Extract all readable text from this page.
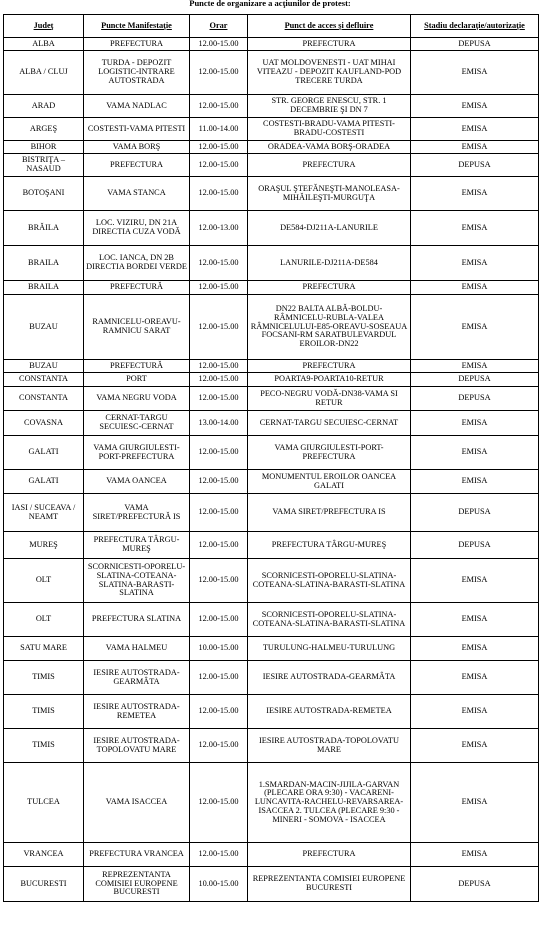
Puncte de organizare a acţiunilor de protest:
Judeţ	Puncte Manifestaţie	Orar	Punct de acces şi defluire	Stadiu declaraţie/autorizaţie
ALBA	PREFECTURA	12.00-15.00	PREFECTURA	DEPUSA
ALBA / CLUJ	TURDA - DEPOZIT LOGISTIC-INTRARE AUTOSTRADA	12.00-15.00	UAT MOLDOVENESTI - UAT MIHAI VITEAZU - DEPOZIT KAUFLAND-POD TRECERE TURDA	EMISA
ARAD	VAMA NADLAC	12.00-15.00	STR. GEORGE ENESCU, STR. 1 DECEMBRIE ŞI DN 7	EMISA
ARGEŞ	COSTESTI-VAMA PITESTI	11.00-14.00	COSTESTI-BRADU-VAMA PITESTI-BRADU-COSTESTI	EMISA
BIHOR	VAMA BORŞ	12.00-15.00	ORADEA-VAMA BORŞ-ORADEA	EMISA
BISTRIŢA – NASAUD	PREFECTURA	12.00-15.00	PREFECTURA	DEPUSA
BOTOŞANI	VAMA STANCA	12.00-15.00	ORAŞUL ŞTEFĂNEŞTI-MANOLEASA-MIHĂILEŞTI-MURGUŢA	EMISA
BRĂILA	LOC. VIZIRU, DN 21A DIRECTIA CUZA VODĂ	12.00-13.00	DE584-DJ211A-LANURILE	EMISA
BRAILA	LOC. IANCA, DN 2B DIRECTIA BORDEI VERDE	12.00-15.00	LANURILE-DJ211A-DE584	EMISA
BRAILA	PREFECTURĂ	12.00-15.00	PREFECTURA	EMISA
BUZAU	RAMNICELU-OREAVU-RAMNICU SARAT	12.00-15.00	DN22 BALTA ALBĂ-BOLDU-RÂMNICELU-RUBLA-VALEA RÂMNICELULUI-E85-OREAVU-SOSEAUA FOCSANI-RM SARATBULEVARDUL EROILOR-DN22	EMISA
BUZAU	PREFECTURĂ	12.00-15.00	PREFECTURA	EMISA
CONSTANTA	PORT	12.00-15.00	POARTA9-POARTA10-RETUR	DEPUSA
CONSTANTA	VAMA NEGRU VODA	12.00-15.00	PECO-NEGRU VODĂ-DN38-VAMA SI RETUR	DEPUSA
COVASNA	CERNAT-TARGU SECUIESC-CERNAT	13.00-14.00	CERNAT-TARGU SECUIESC-CERNAT	EMISA
GALATI	VAMA GIURGIULESTI-PORT-PREFECTURA	12.00-15.00	VAMA GIURGIULESTI-PORT-PREFECTURA	EMISA
GALATI	VAMA OANCEA	12.00-15.00	MONUMENTUL EROILOR OANCEA GALATI	EMISA
IASI / SUCEAVA / NEAMT	VAMA SIRET/PREFECTURĂ IS	12.00-15.00	VAMA SIRET/PREFECTURA IS	DEPUSA
MUREŞ	PREFECTURA TÂRGU-MUREŞ	12.00-15.00	PREFECTURA TÂRGU-MUREŞ	DEPUSA
OLT	SCORNICESTI-OPORELU-SLATINA-COTEANA-SLATINA-BARASTI-SLATINA	12.00-15.00	SCORNICESTI-OPORELU-SLATINA-COTEANA-SLATINA-BARASTI-SLATINA	EMISA
OLT	PREFECTURA SLATINA	12.00-15.00	SCORNICESTI-OPORELU-SLATINA-COTEANA-SLATINA-BARASTI-SLATINA	EMISA
SATU MARE	VAMA HALMEU	10.00-15.00	TURULUNG-HALMEU-TURULUNG	EMISA
TIMIS	IESIRE AUTOSTRADA-GEARMÂTA	12.00-15.00	IESIRE AUTOSTRADA-GEARMÂTA	EMISA
TIMIS	IESIRE AUTOSTRADA-REMETEA	12.00-15.00	IESIRE AUTOSTRADA-REMETEA	EMISA
TIMIS	IESIRE AUTOSTRADA-TOPOLOVATU MARE	12.00-15.00	IESIRE AUTOSTRADA-TOPOLOVATU MARE	EMISA
TULCEA	VAMA ISACCEA	12.00-15.00	1.SMARDAN-MACIN-JIJILA-GARVAN (PLECARE ORA 9:30) - VACARENI-LUNCAVITA-RACHELU-REVARSAREA-ISACCEA 2. TULCEA (PLECARE 9:30 - MINERI - SOMOVA - ISACCEA	EMISA
VRANCEA	PREFECTURA VRANCEA	12.00-15.00	PREFECTURA	EMISA
BUCURESTI	REPREZENTANTA COMISIEI EUROPENE BUCURESTI	10.00-15.00	REPREZENTANTA COMISIEI EUROPENE BUCURESTI	DEPUSA
